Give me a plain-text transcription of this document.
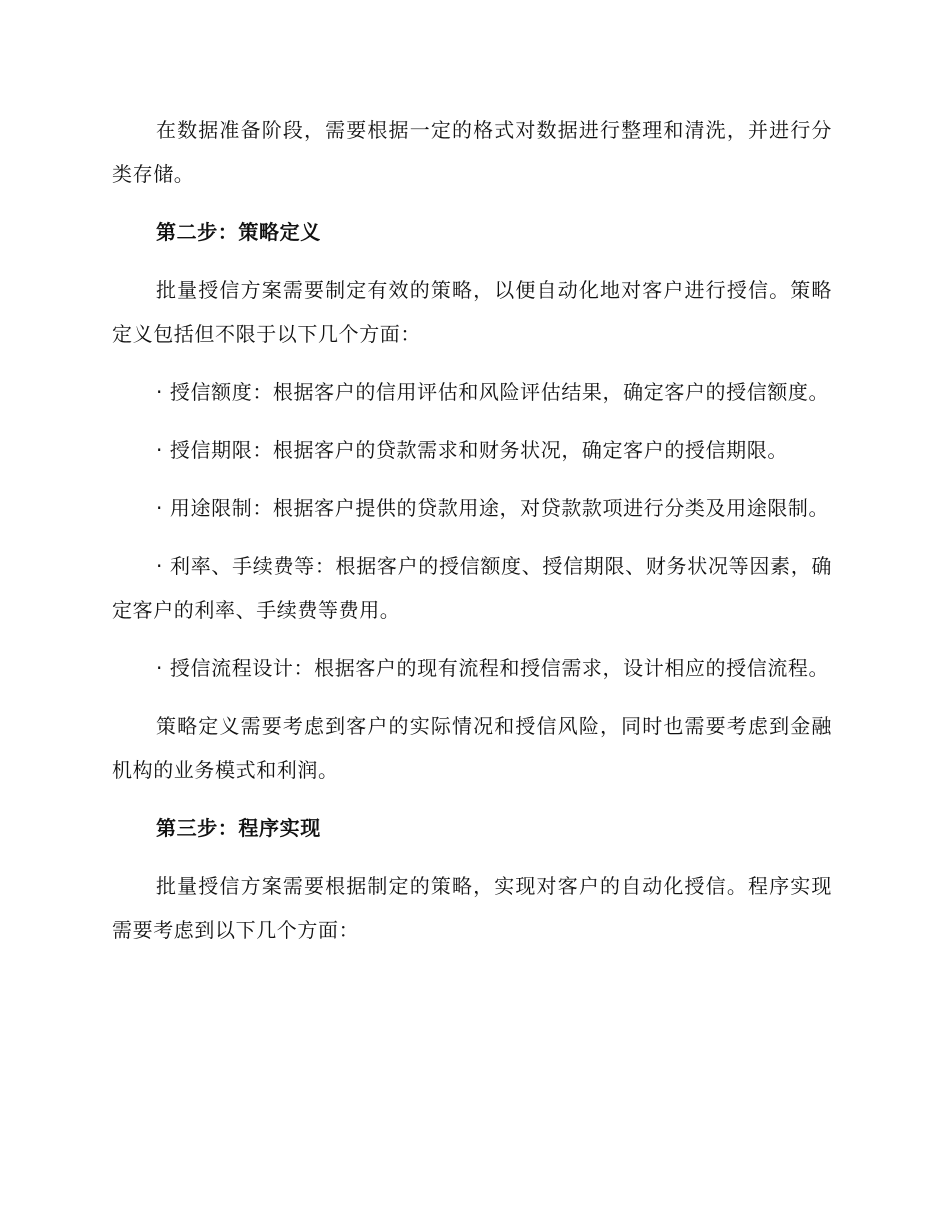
在数据准备阶段，需要根据一定的格式对数据进行整理和清洗，并进行分类存储。

第二步：策略定义

批量授信方案需要制定有效的策略，以便自动化地对客户进行授信。策略定义包括但不限于以下几个方面：

· 授信额度：根据客户的信用评估和风险评估结果，确定客户的授信额度。

· 授信期限：根据客户的贷款需求和财务状况，确定客户的授信期限。

· 用途限制：根据客户提供的贷款用途，对贷款款项进行分类及用途限制。

· 利率、手续费等：根据客户的授信额度、授信期限、财务状况等因素，确定客户的利率、手续费等费用。

· 授信流程设计：根据客户的现有流程和授信需求，设计相应的授信流程。

策略定义需要考虑到客户的实际情况和授信风险，同时也需要考虑到金融机构的业务模式和利润。

第三步：程序实现

批量授信方案需要根据制定的策略，实现对客户的自动化授信。程序实现需要考虑到以下几个方面：
